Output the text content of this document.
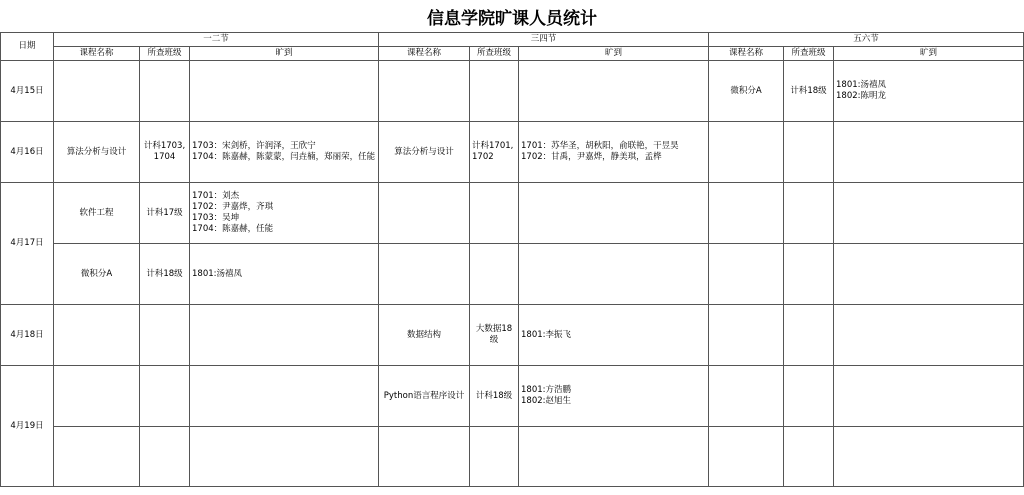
信息学院旷课人员统计
日期	一二节			三四节			五六节		
	课程名称	所查班级	旷到	课程名称	所查班级	旷到	课程名称	所查班级	旷到
4月15日							微积分A	计科18级	1801:汤禧凤
1802:陈明龙

4月16日	算法分析与设计	计科1703,
1704	1703：宋剑桥，许润泽，王欣宁
1704：陈嘉赫，陈蒙蒙，闫垚楠，郑丽荣，任能	算法分析与设计	计科1701,
1702	1701：苏华圣，胡秋阳，俞联艳，干昱昊
1702：甘禹，尹嘉烨，静美琪，孟桦			

4月17日	软件工程	计科17级	1701：刘杰
1702：尹嘉烨，齐琪
1703：吴坤
1704：陈嘉赫，任能						

	微积分A	计科18级	1801:汤禧凤						

4月18日				数据结构	大数据18级	1801:李振飞			

4月19日				Python语言程序设计	计科18级	1801:方浩鹏
1802:赵旭生			
